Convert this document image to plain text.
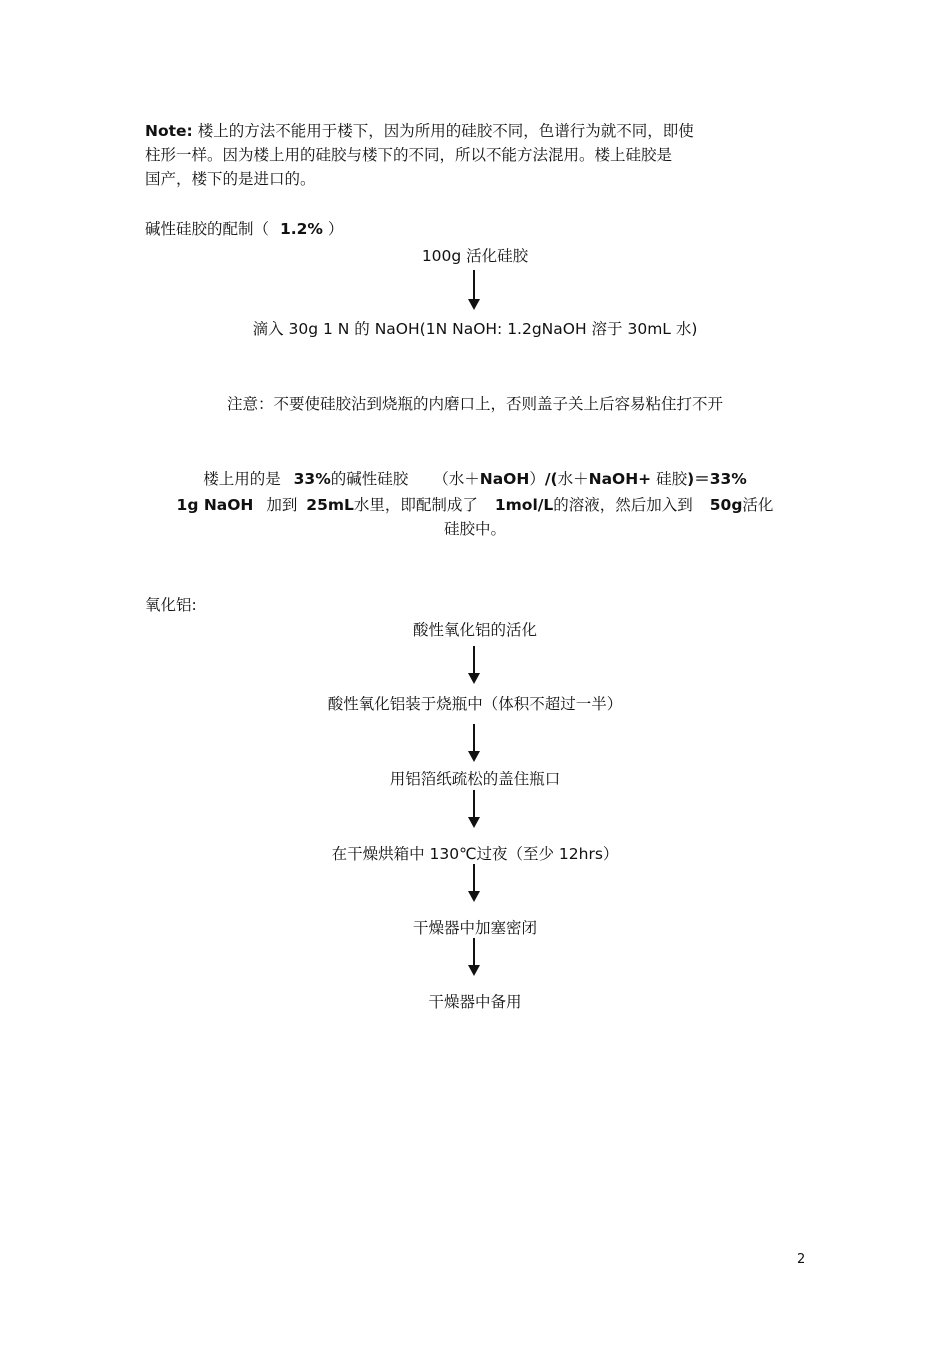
Note: 楼上的方法不能用于楼下，因为所用的硅胶不同，色谱行为就不同，即使
柱形一样。因为楼上用的硅胶与楼下的不同，所以不能方法混用。楼上硅胶是
国产，楼下的是进口的。
碱性硅胶的配制（ 1.2% ）
100g 活化硅胶
滴入 30g 1 N 的 NaOH(1N NaOH: 1.2gNaOH 溶于 30mL 水)
注意：不要使硅胶沾到烧瓶的内磨口上，否则盖子关上后容易粘住打不开
楼上用的是 33%的碱性硅胶 （水＋NaOH）/(水＋NaOH+ 硅胶)＝33%
1g NaOH 加到 25mL水里，即配制成了 1mol/L的溶液，然后加入到 50g活化
硅胶中。
氧化铝:
酸性氧化铝的活化
酸性氧化铝装于烧瓶中（体积不超过一半）
用铝箔纸疏松的盖住瓶口
在干燥烘箱中 130℃过夜（至少 12hrs）
干燥器中加塞密闭
干燥器中备用
2
